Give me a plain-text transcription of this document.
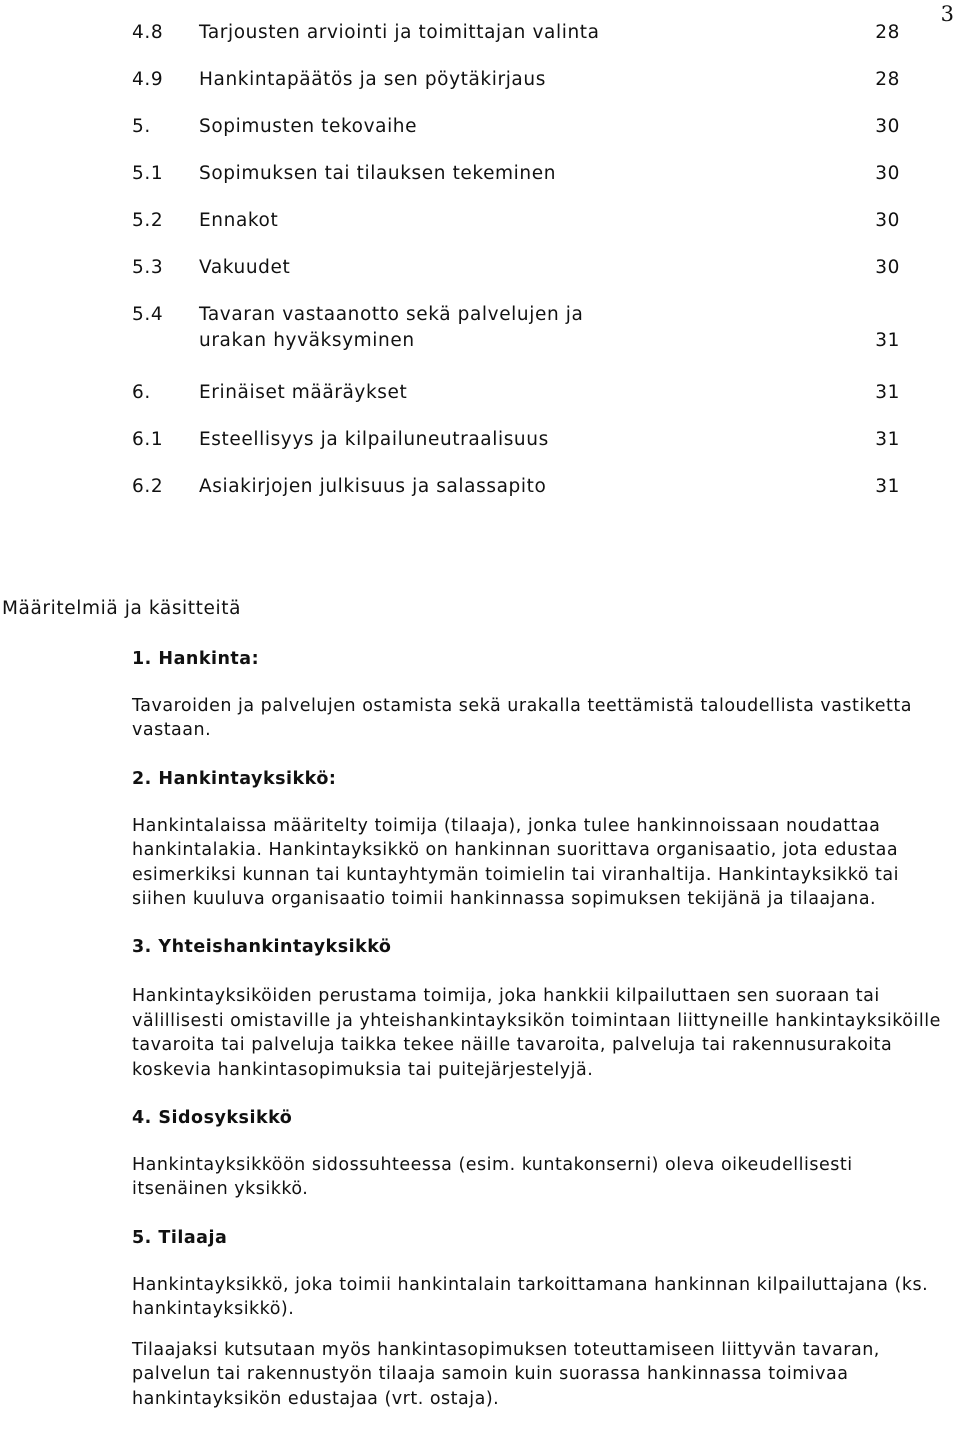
3
4.8	Tarjousten arviointi ja toimittajan valinta	28
4.9	Hankintapäätös ja sen pöytäkirjaus	28
5.	Sopimusten tekovaihe	30
5.1	Sopimuksen tai tilauksen tekeminen	30
5.2	Ennakot	30
5.3	Vakuudet	30
5.4	Tavaran vastaanotto sekä palvelujen ja urakan hyväksyminen	31
6.	Erinäiset määräykset	31
6.1	Esteellisyys ja kilpailuneutraalisuus	31
6.2	Asiakirjojen julkisuus ja salassapito	31
Määritelmiä ja käsitteitä

1. Hankinta:

Tavaroiden ja palvelujen ostamista sekä urakalla teettämistä taloudellista vastiketta vastaan.

2. Hankintayksikkö:

Hankintalaissa määritelty toimija (tilaaja), jonka tulee hankinnoissaan noudattaa hankintalakia. Hankintayksikkö on hankinnan suorittava organisaatio, jota edustaa esimerkiksi kunnan tai kuntayhtymän toimielin tai viranhaltija. Hankintayksikkö tai siihen kuuluva organisaatio toimii hankinnassa sopimuksen tekijänä ja tilaajana.

3. Yhteishankintayksikkö

Hankintayksiköiden perustama toimija, joka hankkii kilpailuttaen sen suoraan tai välillisesti omistaville ja yhteishankintayksikön toimintaan liittyneille hankintayksiköille tavaroita tai palveluja taikka tekee näille tavaroita, palveluja tai rakennusurakoita koskevia hankintasopimuksia tai puitejärjestelyjä.

4. Sidosyksikkö

Hankintayksikköön sidossuhteessa (esim. kuntakonserni) oleva oikeudellisesti itsenäinen yksikkö.

5. Tilaaja

Hankintayksikkö, joka toimii hankintalain tarkoittamana hankinnan kilpailuttajana (ks. hankintayksikkö).

Tilaajaksi kutsutaan myös hankintasopimuksen toteuttamiseen liittyvän tavaran, palvelun tai rakennustyön tilaaja samoin kuin suorassa hankinnassa toimivaa hankintayksikön edustajaa (vrt. ostaja).
